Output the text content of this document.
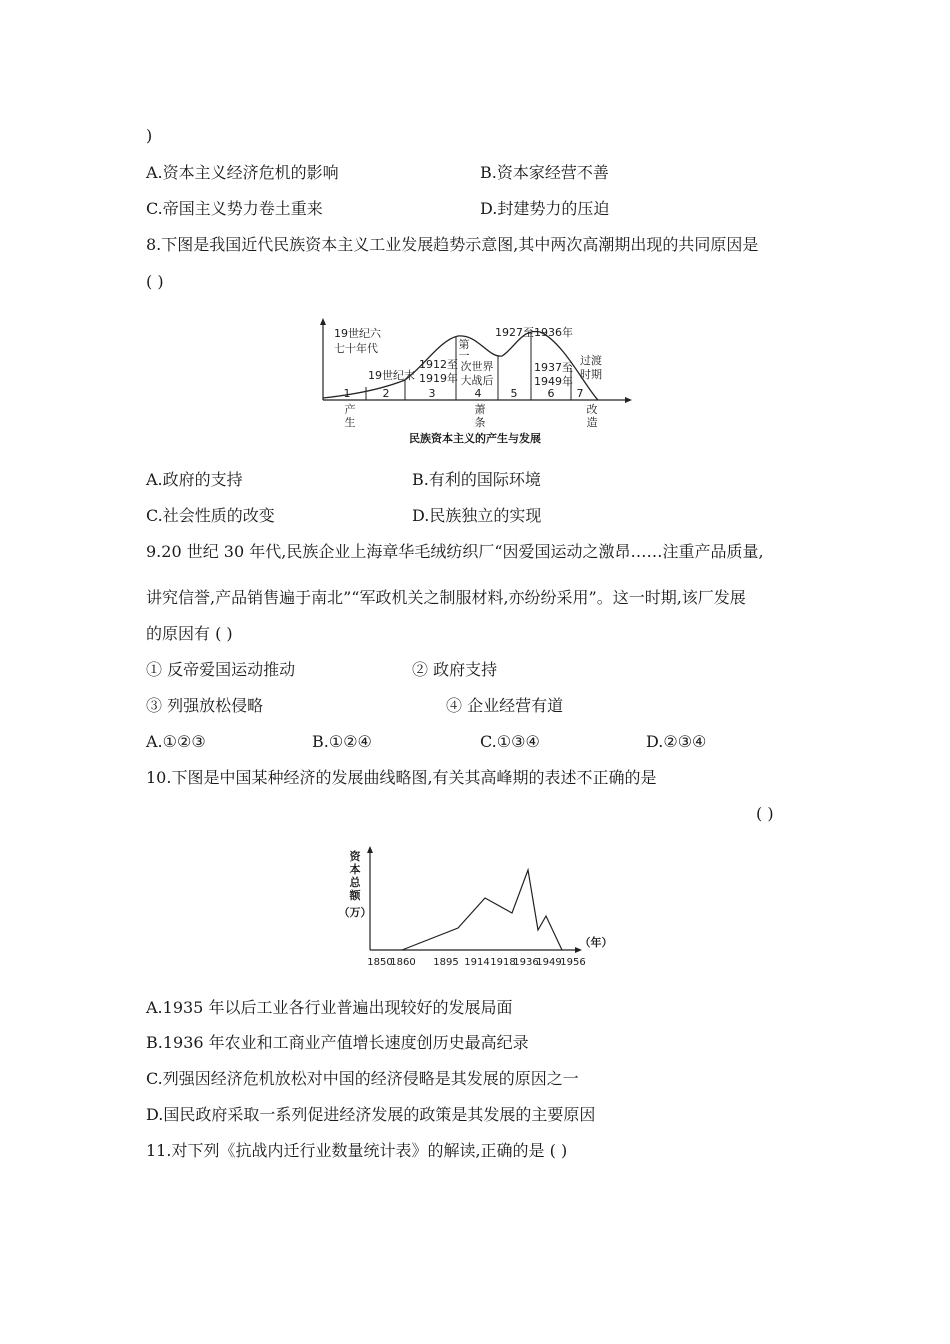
)
A.资本主义经济危机的影响	B.资本家经营不善
C.帝国主义势力卷土重来	D.封建势力的压迫
8.下图是我国近代民族资本主义工业发展趋势示意图,其中两次高潮期出现的共同原因是
( )
1	2	3	4	5	6 7
19世纪六
七十年代
19世纪末
1912至
1919年
第
一
次世界
大战后
1927至1936年
1937至
1949年
过渡
时期
产
生
萧
条
改
造
民族资本主义的产生与发展
A.政府的支持	B.有利的国际环境
C.社会性质的改变	D.民族独立的实现
9.20 世纪 30 年代,民族企业上海章华毛绒纺织厂“因爱国运动之激昂……注重产品质量,
讲究信誉,产品销售遍于南北”“军政机关之制服材料,亦纷纷采用”。这一时期,该厂发展
的原因有 ( )
① 反帝爱国运动推动	② 政府支持
③ 列强放松侵略	④ 企业经营有道
A.①②③	B.①②④	C.①③④	D.②③④
10.下图是中国某种经济的发展曲线略图,有关其高峰期的表述不正确的是
( )
资
本
总
额
（万）
（年）
1850
1860 1895 1914 1918
1936
1949
1956
A.1935 年以后工业各行业普遍出现较好的发展局面
B.1936 年农业和工商业产值增长速度创历史最高纪录
C.列强因经济危机放松对中国的经济侵略是其发展的原因之一
D.国民政府采取一系列促进经济发展的政策是其发展的主要原因
11.对下列《抗战内迁行业数量统计表》的解读,正确的是 ( )
